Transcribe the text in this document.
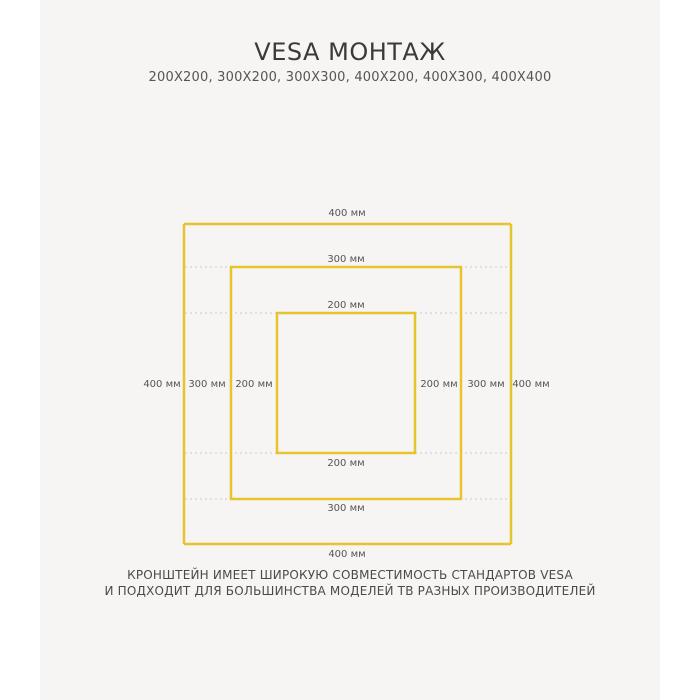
VESA МОНТАЖ
200X200, 300X200, 300X300, 400X200, 400X300, 400X400
400 мм
400 мм
400 мм	400 мм
300 мм
300 мм
300 мм	300 мм
200 мм
200 мм
200 мм	200 мм
КРОНШТЕЙН ИМЕЕТ ШИРОКУЮ СОВМЕСТИМОСТЬ СТАНДАРТОВ VESA
И ПОДХОДИТ ДЛЯ БОЛЬШИНСТВА МОДЕЛЕЙ ТВ РАЗНЫХ ПРОИЗВОДИТЕЛЕЙ
